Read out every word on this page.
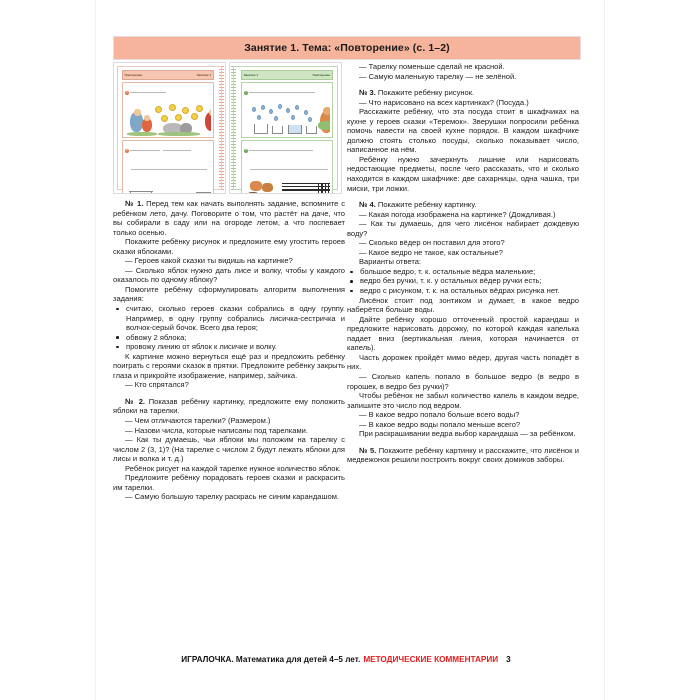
Занятие 1. Тема: «Повторение» (с. 1–2)
Повторение	Занятие 1
1
2
Занятие 1	Повторение
1
2

№ 1. Перед тем как начать выполнять задание, вспомните с ребёнком лето, дачу. Поговорите о том, что растёт на даче, что вы собирали в саду или на огороде летом, а что поспевает только осенью.

Покажите ребёнку рисунок и предложите ему угостить героев сказки яблоками.

— Героев какой сказки ты видишь на картинке?

— Сколько яблок нужно дать лисе и волку, чтобы у каждого оказалось по одному яблоку?

Помогите ребёнку сформулировать алгоритм выполнения задания:

считаю, сколько героев сказки собрались в одну группу. Например, в одну группу собрались лисичка-сестричка и волчок-серый бочок. Всего два героя;
обвожу 2 яблока;
провожу линию от яблок к лисичке и волку.

К картинке можно вернуться ещё раз и предложить ребёнку поиграть с героями сказок в прятки. Предложите ребёнку закрыть глаза и прикройте изображение, например, зайчика.

— Кто спрятался?

№ 2. Показав ребёнку картинку, предложите ему положить яблоки на тарелки.

— Чем отличаются тарелки? (Размером.)

— Назови числа, которые написаны под тарелками.

— Как ты думаешь, чьи яблоки мы положим на тарелку с числом 2 (3, 1)? (На тарелке с числом 2 будут лежать яблоки для лисы и волка и т. д.)

Ребёнок рисует на каждой тарелке нужное количество яблок.

Предложите ребёнку порадовать героев сказки и раскрасить им тарелки.

— Самую большую тарелку раскрась не синим карандашом.

— Тарелку поменьше сделай не красной.

— Самую маленькую тарелку — не зелёной.

№ 3. Покажите ребёнку рисунок.

— Что нарисовано на всех картинках? (Посуда.)

Расскажите ребёнку, что эта посуда стоит в шкафчиках на кухне у героев сказки «Теремок». Зверушки попросили ребёнка помочь навести на своей кухне порядок. В каждом шкафчике должно стоять столько посуды, сколько показывает число, написанное на нём.

Ребёнку нужно зачеркнуть лишние или нарисовать недостающие предметы, после чего рассказать, что и сколько находится в каждом шкафчике: две сахарницы, одна чашка, три миски, три ложки.

№ 4. Покажите ребёнку картинку.

— Какая погода изображена на картинке? (Дождливая.)

— Как ты думаешь, для чего лисёнок набирает дождевую воду?

— Сколько вёдер он поставил для этого?

— Какое ведро не такое, как остальные?

Варианты ответа:

большое ведро, т. к. остальные вёдра маленькие;
ведро без ручки, т. к. у остальных вёдер ручки есть;
ведро с рисунком, т. к. на остальных вёдрах рисунка нет.

Лисёнок стоит под зонтиком и думает, в какое ведро наберётся больше воды.

Дайте ребёнку хорошо отточенный простой карандаш и предложите нарисовать дорожку, по которой каждая капелька падает вниз (вертикальная линия, которая начинается от капель).

Часть дорожек пройдёт мимо вёдер, другая часть попадёт в них.

— Сколько капель попало в большое ведро (в ведро в горошек, в ведро без ручки)?

Чтобы ребёнок не забыл количество капель в каждом ведре, запишите это число под ведром.

— В какое ведро попало больше всего воды?

— В какое ведро воды попало меньше всего?

При раскрашивании ведра выбор карандаша — за ребёнком.

№ 5. Покажите ребёнку картинку и расскажите, что лисёнок и медвежонок решили построить вокруг своих домиков заборы.

ИГРАЛОЧКА. Математика для детей 4–5 лет. МЕТОДИЧЕСКИЕ КОММЕНТАРИИ 3
